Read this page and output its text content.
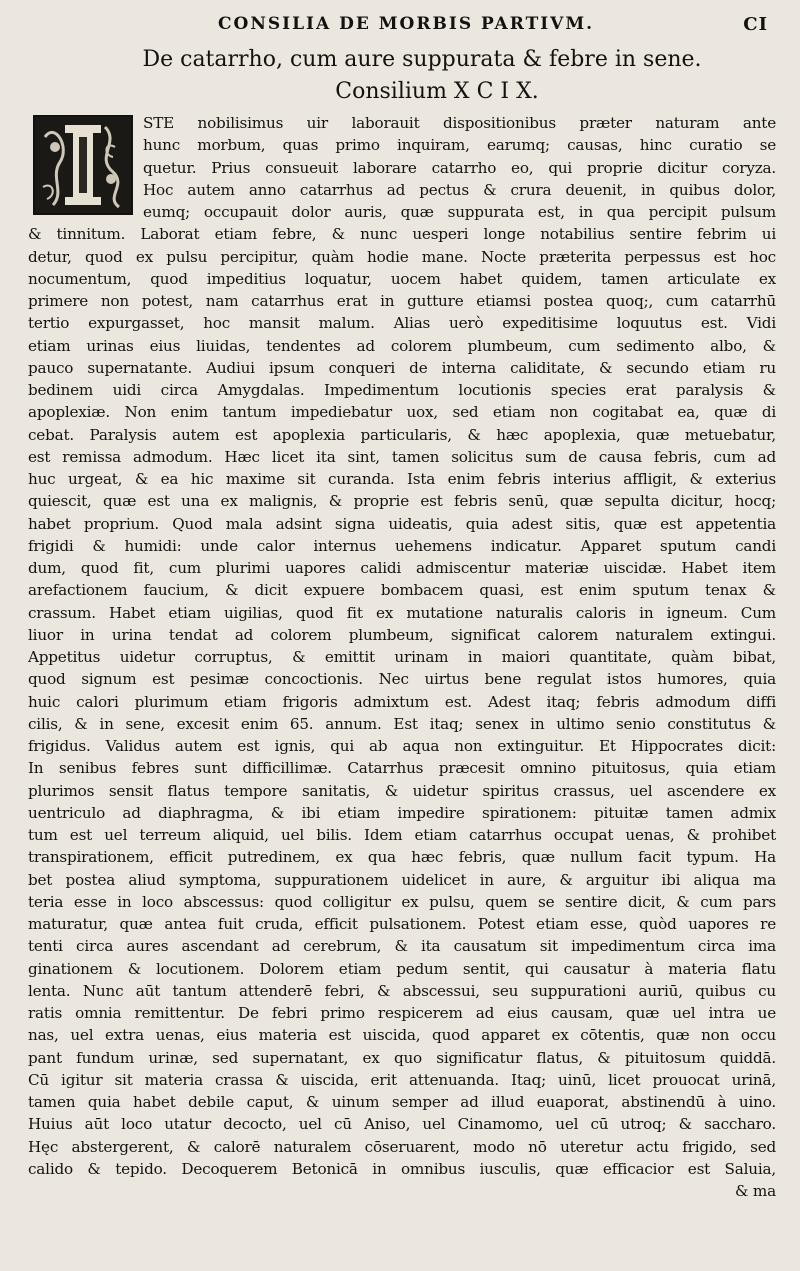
CONSILIA DE MORBIS PARTIVM.	CI
De catarrho, cum aure suppurata & febre in sene.
Consilium X C I X.
STE nobilisimus uir laborauit dispositionibus præter naturam ante
hunc morbum, quas primo inquiram, earumq; causas, hinc curatio se
quetur. Prius consueuit laborare catarrho eo, qui proprie dicitur coryza.
Hoc autem anno catarrhus ad pectus & crura deuenit, in quibus dolor,
eumq; occupauit dolor auris, quæ suppurata est, in qua percipit pulsum
& tinnitum. Laborat etiam febre, & nunc uesperi longe notabilius sentire febrim ui
detur, quod ex pulsu percipitur, quàm hodie mane. Nocte præterita perpessus est hoc
nocumentum, quod impeditius loquatur, uocem habet quidem, tamen articulate ex
primere non potest, nam catarrhus erat in gutture etiamsi postea quoq;, cum catarrhū
tertio expurgasset, hoc mansit malum. Alias uerò expeditisime loquutus est. Vidi
etiam urinas eius liuidas, tendentes ad colorem plumbeum, cum sedimento albo, &
pauco supernatante. Audiui ipsum conqueri de interna caliditate, & secundo etiam ru
bedinem uidi circa Amygdalas. Impedimentum locutionis species erat paralysis &
apoplexiæ. Non enim tantum impediebatur uox, sed etiam non cogitabat ea, quæ di
cebat. Paralysis autem est apoplexia particularis, & hæc apoplexia, quæ metuebatur,
est remissa admodum. Hæc licet ita sint, tamen solicitus sum de causa febris, cum ad
huc urgeat, & ea hic maxime sit curanda. Ista enim febris interius affligit, & exterius
quiescit, quæ est una ex malignis, & proprie est febris senū, quæ sepulta dicitur, hocq;
habet proprium. Quod mala adsint signa uideatis, quia adest sitis, quæ est appetentia
frigidi & humidi: unde calor internus uehemens indicatur. Apparet sputum candi
dum, quod fit, cum plurimi uapores calidi admiscentur materiæ uiscidæ. Habet item
arefactionem faucium, & dicit expuere bombacem quasi, est enim sputum tenax &
crassum. Habet etiam uigilias, quod fit ex mutatione naturalis caloris in igneum. Cum
liuor in urina tendat ad colorem plumbeum, significat calorem naturalem extingui.
Appetitus uidetur corruptus, & emittit urinam in maiori quantitate, quàm bibat,
quod signum est pesimæ concoctionis. Nec uirtus bene regulat istos humores, quia
huic calori plurimum etiam frigoris admixtum est. Adest itaq; febris admodum diffi
cilis, & in sene, excesit enim 65. annum. Est itaq; senex in ultimo senio constitutus &
frigidus. Validus autem est ignis, qui ab aqua non extinguitur. Et Hippocrates dicit:
In senibus febres sunt difficillimæ. Catarrhus præcesit omnino pituitosus, quia etiam
plurimos sensit flatus tempore sanitatis, & uidetur spiritus crassus, uel ascendere ex
uentriculo ad diaphragma, & ibi etiam impedire spirationem: pituitæ tamen admix
tum est uel terreum aliquid, uel bilis. Idem etiam catarrhus occupat uenas, & prohibet
transpirationem, efficit putredinem, ex qua hæc febris, quæ nullum facit typum. Ha
bet postea aliud symptoma, suppurationem uidelicet in aure, & arguitur ibi aliqua ma
teria esse in loco abscessus: quod colligitur ex pulsu, quem se sentire dicit, & cum pars
maturatur, quæ antea fuit cruda, efficit pulsationem. Potest etiam esse, quòd uapores re
tenti circa aures ascendant ad cerebrum, & ita causatum sit impedimentum circa ima
ginationem & locutionem. Dolorem etiam pedum sentit, qui causatur à materia flatu
lenta. Nunc aūt tantum attenderē febri, & abscessui, seu suppurationi auriū, quibus cu
ratis omnia remittentur. De febri primo respicerem ad eius causam, quæ uel intra ue
nas, uel extra uenas, eius materia est uiscida, quod apparet ex cōtentis, quæ non occu
pant fundum urinæ, sed supernatant, ex quo significatur flatus, & pituitosum quiddā.
Cū igitur sit materia crassa & uiscida, erit attenuanda. Itaq; uinū, licet prouocat urinā,
tamen quia habet debile caput, & uinum semper ad illud euaporat, abstinendū à uino.
Huius aūt loco utatur decocto, uel cū Aniso, uel Cinamomo, uel cū utroq; & saccharo.
Hęc abstergerent, & calorē naturalem cōseruarent, modo nō uteretur actu frigido, sed
calido & tepido. Decoquerem Betonicā in omnibus iusculis, quæ efficacior est Saluia,
& ma
